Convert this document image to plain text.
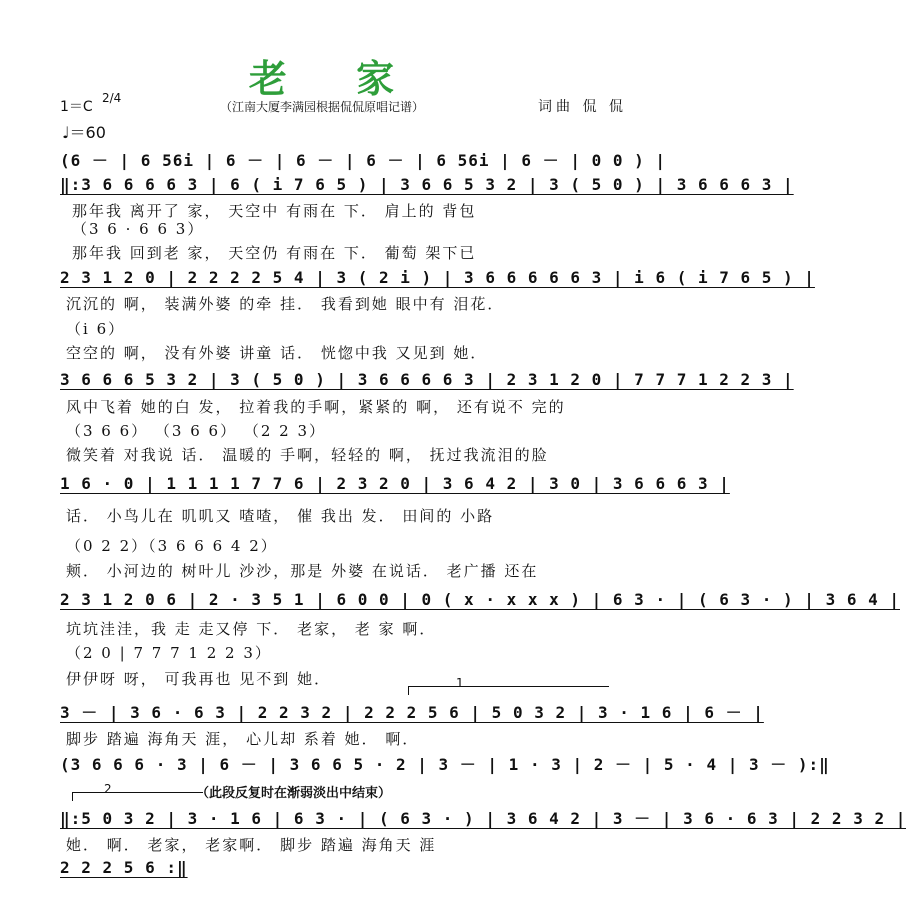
老 家
1＝C
2/4
（江南大厦李满园根据侃侃原唱记谱）	词曲 侃 侃
♩＝60
(6 － | 6 56i | 6 － | 6 － | 6 － | 6 56i | 6 － | 0 0 ) |
‖:3 6 6 6 6 3 | 6 ( i 7 6 5 ) | 3 6 6 5 3 2 | 3 ( 5 0 ) | 3 6 6 6 3 |
那年我 离开了 家， 天空中 有雨在 下． 肩上的 背包
（3 6 · 6 6 3）
那年我 回到老 家， 天空仍 有雨在 下． 葡萄 架下已
2 3 1 2 0 | 2 2 2 2 5 4 | 3 ( 2 i ) | 3 6 6 6 6 6 3 | i 6 ( i 7 6 5 ) |
沉沉的 啊， 装满外婆 的牵 挂． 我看到她 眼中有 泪花．
（i 6）
空空的 啊， 没有外婆 讲童 话． 恍惚中我 又见到 她．
3 6 6 6 5 3 2 | 3 ( 5 0 ) | 3 6 6 6 6 3 | 2 3 1 2 0 | 7 7 7 1 2 2 3 |
风中飞着 她的白 发， 拉着我的手啊，紧紧的 啊， 还有说不 完的
（3 6 6） （3 6 6） （2 2 3）
微笑着 对我说 话． 温暖的 手啊，轻轻的 啊， 抚过我流泪的脸
1 6 · 0 | 1 1 1 1 7 7 6 | 2 3 2 0 | 3 6 4 2 | 3 0 | 3 6 6 6 3 |
话． 小鸟儿在 叽叽又 喳喳， 催 我出 发． 田间的 小路
（0 2 2）（3 6 6 6 4 2）
颊． 小河边的 树叶儿 沙沙，那是 外婆 在说话． 老广播 还在
2 3 1 2 0 6 | 2 · 3 5 1 | 6 0 0 | 0 ( x · x x x ) | 6 3 · | ( 6 3 · ) | 3 6 4 |
坑坑洼洼，我 走 走又停 下． 老家， 老 家 啊．
（2 0 | 7 7 7 1 2 2 3）
伊伊呀 呀， 可我再也 见不到 她．	1
3 － | 3 6 · 6 3 | 2 2 3 2 | 2 2 2 5 6 | 5 0 3 2 | 3 · 1 6 | 6 － |
脚步 踏遍 海角天 涯， 心儿却 系着 她． 啊．
(3 6 6 6 · 3 | 6 － | 3 6 6 5 · 2 | 3 － | 1 · 3 | 2 － | 5 · 4 | 3 － ):‖
2	（此段反复时在渐弱淡出中结束）
‖:5 0 3 2 | 3 · 1 6 | 6 3 · | ( 6 3 · ) | 3 6 4 2 | 3 － | 3 6 · 6 3 | 2 2 3 2 |
她． 啊． 老家， 老家啊． 脚步 踏遍 海角天 涯
2 2 2 5 6 :‖
